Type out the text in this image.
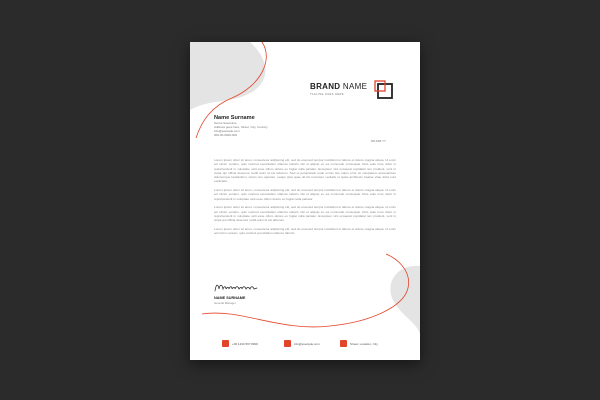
BRAND NAME
TAGLINE GOES HERE
Name Surname
Senior Executive
Address goes here, Street, City, Country
info@example.com
000-00-0000-000
DD.MM.YY

Lorem ipsum dolor sit amet, consectetur adipiscing elit, sed do eiusmod tempor incididunt ut labore et dolore magna aliqua. Ut enim ad minim veniam, quis nostrud exercitation ullamco laboris nisi ut aliquip ex ea commodo consequat. Duis aute irure dolor in reprehenderit in voluptate velit esse cillum dolore eu fugiat nulla pariatur. Excepteur sint occaecat cupidatat non proident, sunt in culpa qui officia deserunt mollit anim id est laborum. Sed ut perspiciatis unde omnis iste natus error sit voluptatem accusantium doloremque laudantium, totam rem aperiam, eaque ipsa quae ab illo inventore veritatis et quasi architecto beatae vitae dicta sunt explicabo.

Lorem ipsum dolor sit amet, consectetur adipiscing elit, sed do eiusmod tempor incididunt ut labore et dolore magna aliqua. Ut enim ad minim veniam, quis nostrud exercitation ullamco laboris nisi ut aliquip ex ea commodo consequat. Duis aute irure dolor in reprehenderit in voluptate velit esse cillum dolore eu fugiat nulla pariatur.

Lorem ipsum dolor sit amet, consectetur adipiscing elit, sed do eiusmod tempor incididunt ut labore et dolore magna aliqua. Ut enim ad minim veniam, quis nostrud exercitation ullamco laboris nisi ut aliquip ex ea commodo consequat. Duis aute irure dolor in reprehenderit in voluptate velit esse cillum dolore eu fugiat nulla pariatur. Excepteur sint occaecat cupidatat non proident, sunt in culpa qui officia deserunt mollit anim id est laborum.

Lorem ipsum dolor sit amet, consectetur adipiscing elit, sed do eiusmod tempor incididunt ut labore et dolore magna aliqua. Ut enim ad minim veniam, quis nostrud exercitation ullamco laboris.

NAME SURNAME
General Manager
+00 1234 567 8900	info@example.com	Street, Location, City
